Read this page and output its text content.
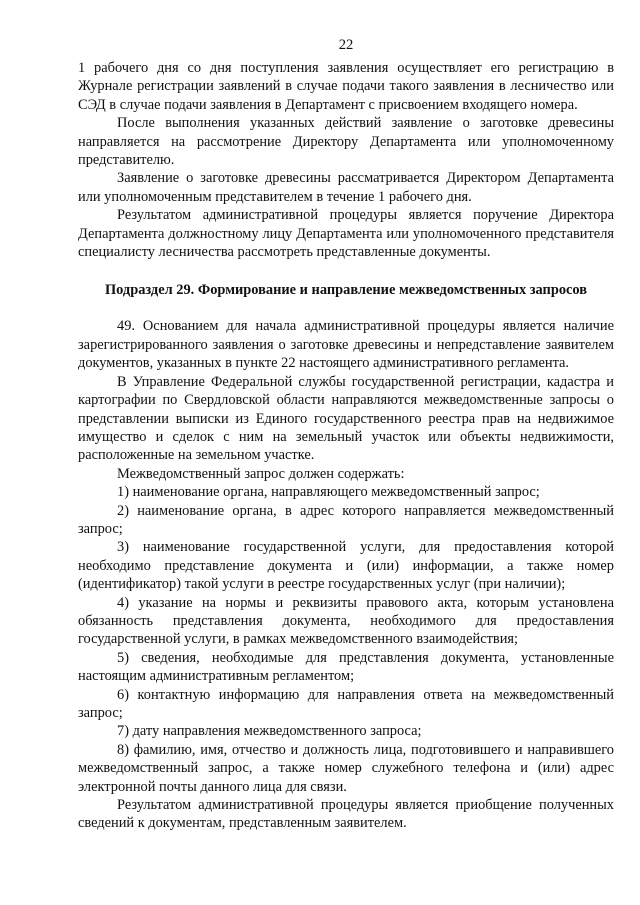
22

1 рабочего дня со дня поступления заявления осуществляет его регистрацию в Журнале регистрации заявлений в случае подачи такого заявления в лесничество или СЭД в случае подачи заявления в Департамент с присвоением входящего номера.

После выполнения указанных действий заявление о заготовке древесины направляется на рассмотрение Директору Департамента или уполномоченному представителю.

Заявление о заготовке древесины рассматривается Директором Департамента или уполномоченным представителем в течение 1 рабочего дня.

Результатом административной процедуры является поручение Директора Департамента должностному лицу Департамента или уполномоченного представителя специалисту лесничества рассмотреть представленные документы.

Подраздел 29. Формирование и направление межведомственных запросов

49. Основанием для начала административной процедуры является наличие зарегистрированного заявления о заготовке древесины и непредставление заявителем документов, указанных в пункте 22 настоящего административного регламента.

В Управление Федеральной службы государственной регистрации, кадастра и картографии по Свердловской области направляются межведомственные запросы о представлении выписки из Единого государственного реестра прав на недвижимое имущество и сделок с ним на земельный участок или объекты недвижимости, расположенные на земельном участке.

Межведомственный запрос должен содержать:

1) наименование органа, направляющего межведомственный запрос;

2) наименование органа, в адрес которого направляется межведомственный запрос;

3) наименование государственной услуги, для предоставления которой необходимо представление документа и (или) информации, а также номер (идентификатор) такой услуги в реестре государственных услуг (при наличии);

4) указание на нормы и реквизиты правового акта, которым установлена обязанность представления документа, необходимого для предоставления государственной услуги, в рамках межведомственного взаимодействия;

5) сведения, необходимые для представления документа, установленные настоящим административным регламентом;

6) контактную информацию для направления ответа на межведомственный запрос;

7) дату направления межведомственного запроса;

8) фамилию, имя, отчество и должность лица, подготовившего и направившего межведомственный запрос, а также номер служебного телефона и (или) адрес электронной почты данного лица для связи.

Результатом административной процедуры является приобщение полученных сведений к документам, представленным заявителем.
